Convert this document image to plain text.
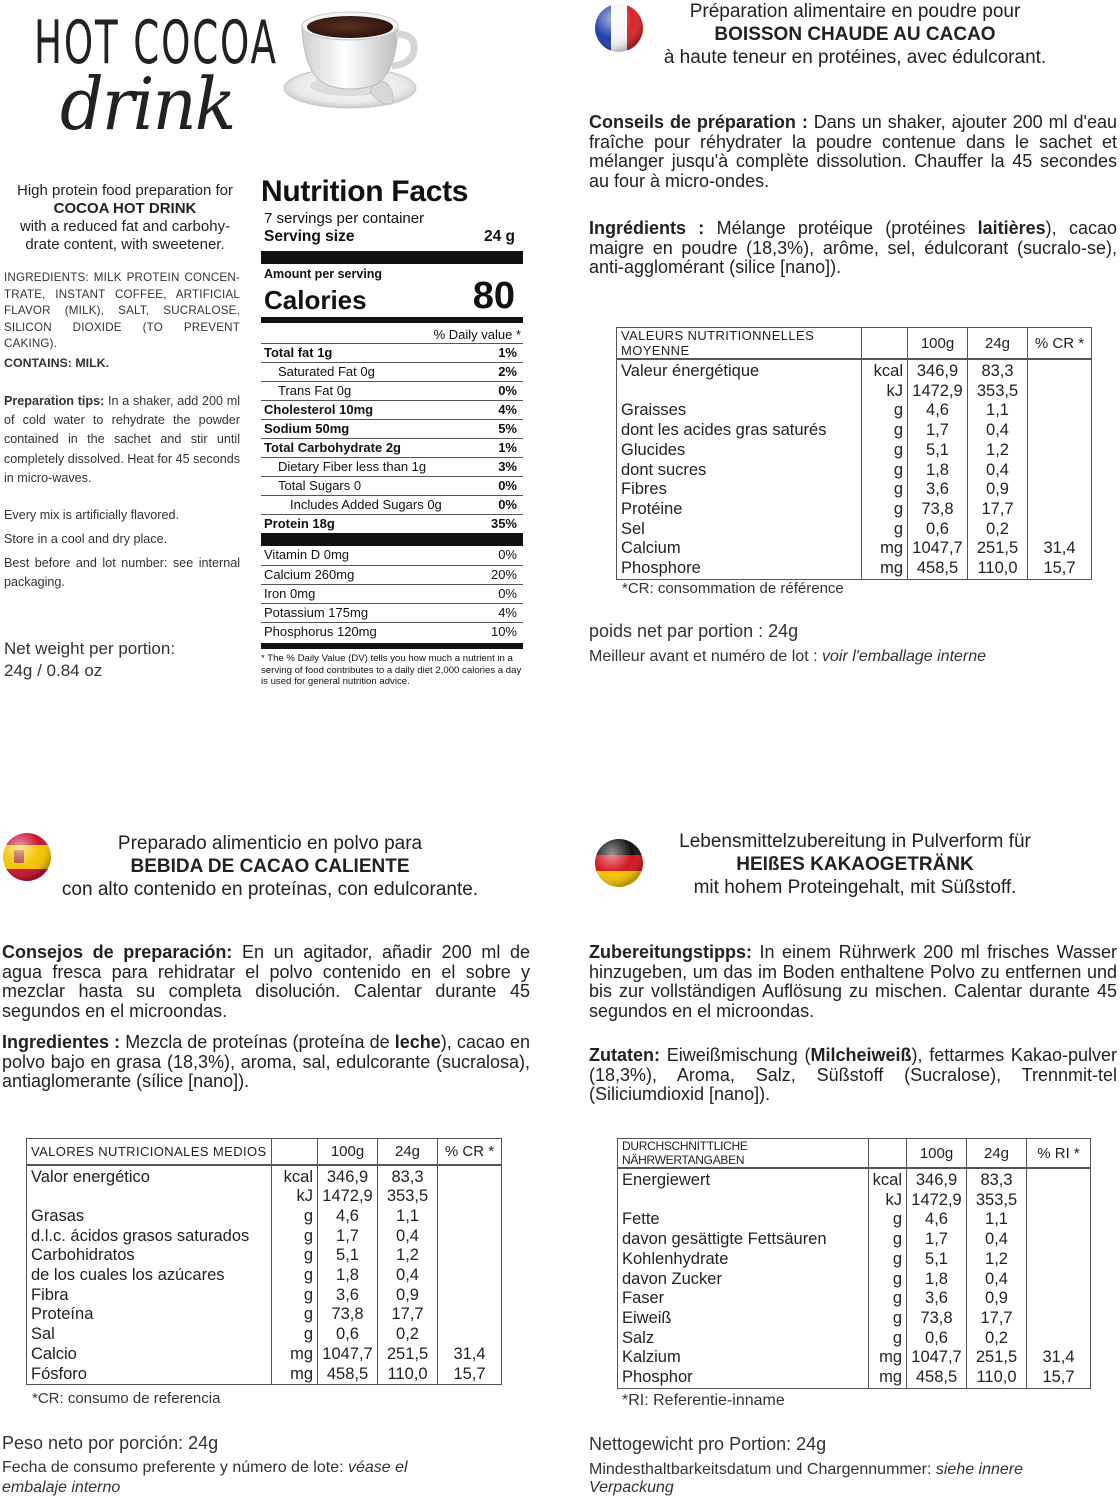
HOT COCOA
drink
High protein food preparation for
COCOA HOT DRINK
with a reduced fat and carbohy-drate content, with sweetener.
INGREDIENTS: MILK PROTEIN CONCEN-TRATE, INSTANT COFFEE, ARTIFICIAL FLAVOR (MILK), SALT, SUCRALOSE, SILICON DIOXIDE (TO PREVENT CAKING).
CONTAINS: MILK.
Preparation tips: In a shaker, add 200 ml of cold water to rehydrate the powder contained in the sachet and stir until completely dissolved. Heat for 45 seconds in micro-waves.
Every mix is artificially flavored.
Store in a cool and dry place.
Best before and lot number: see internal packaging.
Net weight per portion:
24g / 0.84 oz
Nutrition Facts
7 servings per container
Serving size	24 g
Amount per serving
Calories	80
% Daily value *
Total fat 1g	1%
Saturated Fat 0g	2%
Trans Fat 0g	0%
Cholesterol 10mg	4%
Sodium 50mg	5%
Total Carbohydrate 2g	1%
Dietary Fiber less than 1g	3%
Total Sugars 0	0%
Includes Added Sugars 0g	0%
Protein 18g	35%
Vitamin D 0mg	0%
Calcium 260mg	20%
Iron 0mg	0%
Potassium 175mg	4%
Phosphorus 120mg	10%
* The % Daily Value (DV) tells you how much a nutrient in a serving of food contributes to a daily diet 2,000 calories a day is used for general nutrition advice.
Préparation alimentaire en poudre pour
BOISSON CHAUDE AU CACAO
à haute teneur en protéines, avec édulcorant.
Conseils de préparation : Dans un shaker, ajouter 200 ml d'eau fraîche pour réhydrater la poudre contenue dans le sachet et mélanger jusqu'à complète dissolution. Chauffer la 45 secondes au four à micro-ondes.
Ingrédients : Mélange protéique (protéines laitières), cacao maigre en poudre (18,3%), arôme, sel, édulcorant (sucralo-se), anti-agglomérant (silice [nano]).
VALEURS NUTRITIONNELLES MOYENNE		100g	24g	% CR *
Valeur énergétique	kcal	346,9	83,3	
	kJ	1472,9	353,5	
Graisses	g	4,6	1,1	
dont les acides gras saturés	g	1,7	0,4	
Glucides	g	5,1	1,2	
dont sucres	g	1,8	0,4	
Fibres	g	3,6	0,9	
Protéine	g	73,8	17,7	
Sel	g	0,6	0,2	
Calcium	mg	1047,7	251,5	31,4
Phosphore	mg	458,5	110,0	15,7
*CR: consommation de référence
poids net par portion : 24g
Meilleur avant et numéro de lot : voir l'emballage interne
Preparado alimenticio en polvo para
BEBIDA DE CACAO CALIENTE
con alto contenido en proteínas, con edulcorante.
Consejos de preparación: En un agitador, añadir 200 ml de agua fresca para rehidratar el polvo contenido en el sobre y mezclar hasta su completa disolución. Calentar durante 45 segundos en el microondas.
Ingredientes : Mezcla de proteínas (proteína de leche), cacao en polvo bajo en grasa (18,3%), aroma, sal, edulcorante (sucralosa), antiaglomerante (sílice [nano]).
VALORES NUTRICIONALES MEDIOS		100g	24g	% CR *
Valor energético	kcal	346,9	83,3	
	kJ	1472,9	353,5	
Grasas	g	4,6	1,1	
d.l.c. ácidos grasos saturados	g	1,7	0,4	
Carbohidratos	g	5,1	1,2	
de los cuales los azúcares	g	1,8	0,4	
Fibra	g	3,6	0,9	
Proteína	g	73,8	17,7	
Sal	g	0,6	0,2	
Calcio	mg	1047,7	251,5	31,4
Fósforo	mg	458,5	110,0	15,7
*CR: consumo de referencia
Peso neto por porción: 24g
Fecha de consumo preferente y número de lote: véase el embalaje interno
Lebensmittelzubereitung in Pulverform für
HEIßES KAKAOGETRÄNK
mit hohem Proteingehalt, mit Süßstoff.
Zubereitungstipps: In einem Rührwerk 200 ml frisches Wasser hinzugeben, um das im Boden enthaltene Polvo zu entfernen und bis zur vollständigen Auflösung zu mischen. Calentar durante 45 segundos en el microondas.
Zutaten: Eiweißmischung (Milcheiweiß), fettarmes Kakao-pulver (18,3%), Aroma, Salz, Süßstoff (Sucralose), Trennmit-tel (Siliciumdioxid [nano]).
DURCHSCHNITTLICHE NÄHRWERTANGABEN		100g	24g	% RI *
Energiewert	kcal	346,9	83,3	
	kJ	1472,9	353,5	
Fette	g	4,6	1,1	
davon gesättigte Fettsäuren	g	1,7	0,4	
Kohlenhydrate	g	5,1	1,2	
davon Zucker	g	1,8	0,4	
Faser	g	3,6	0,9	
Eiweiß	g	73,8	17,7	
Salz	g	0,6	0,2	
Kalzium	mg	1047,7	251,5	31,4
Phosphor	mg	458,5	110,0	15,7
*RI: Referentie-inname
Nettogewicht pro Portion: 24g
Mindesthaltbarkeitsdatum und Chargennummer: siehe innere Verpackung
